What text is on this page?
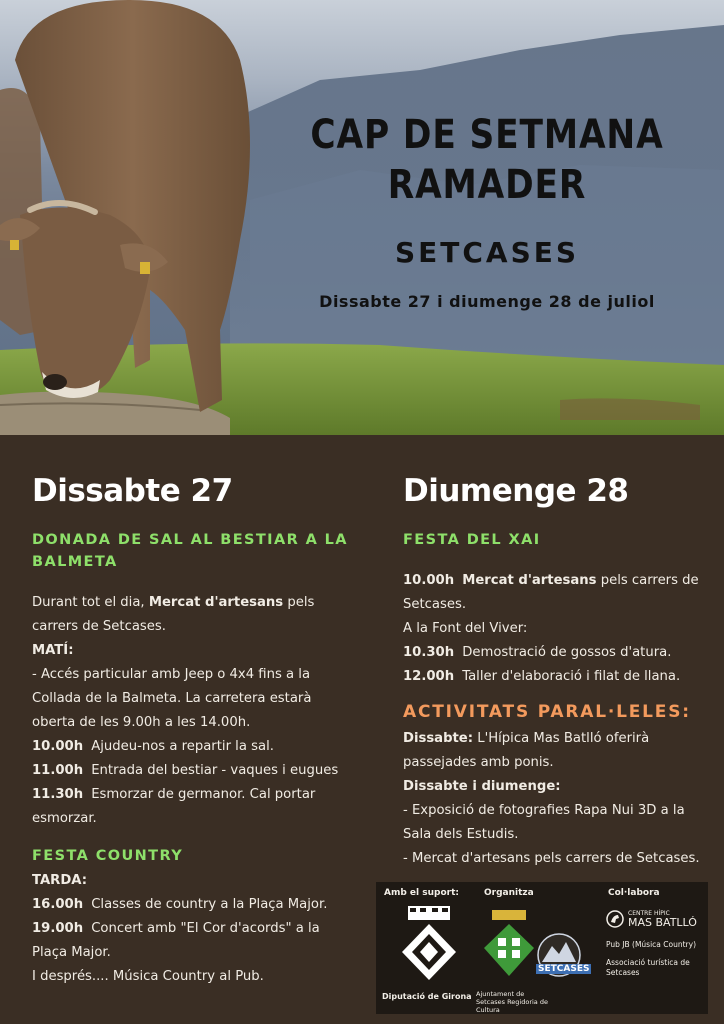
CAP DE SETMANA
RAMADER
SETCASES
Dissabte 27 i diumenge 28 de juliol
Dissabte 27
DONADA DE SAL AL BESTIAR A LA BALMETA

Durant tot el dia, Mercat d'artesans pels carrers de Setcases.

MATÍ:

- Accés particular amb Jeep o 4x4 fins a la Collada de la Balmeta. La carretera estarà oberta de les 9.00h a les 14.00h.

10.00h Ajudeu-nos a repartir la sal.

11.00h Entrada del bestiar - vaques i eugues

11.30h Esmorzar de germanor. Cal portar esmorzar.

FESTA COUNTRY

TARDA:

16.00h Classes de country a la Plaça Major.

19.00h Concert amb "El Cor d'acords" a la Plaça Major.

I després.... Música Country al Pub.

Diumenge 28
FESTA DEL XAI

10.00h Mercat d'artesans pels carrers de Setcases.

A la Font del Viver:

10.30h Demostració de gossos d'atura.

12.00h Taller d'elaboració i filat de llana.

ACTIVITATS PARAL·LELES:

Dissabte: L'Hípica Mas Batlló oferirà passejades amb ponis.

Dissabte i diumenge:

- Exposició de fotografies Rapa Nui 3D a la Sala dels Estudis.

- Mercat d'artesans pels carrers de Setcases.

Amb el suport:
Diputació de Girona
Organitza
Ajuntament de Setcases Regidoria de Cultura
SETCASES
Col·labora
CENTRE HÍPIC
MAS BATLLÓ
Pub JB (Música Country)
Associació turística de Setcases
